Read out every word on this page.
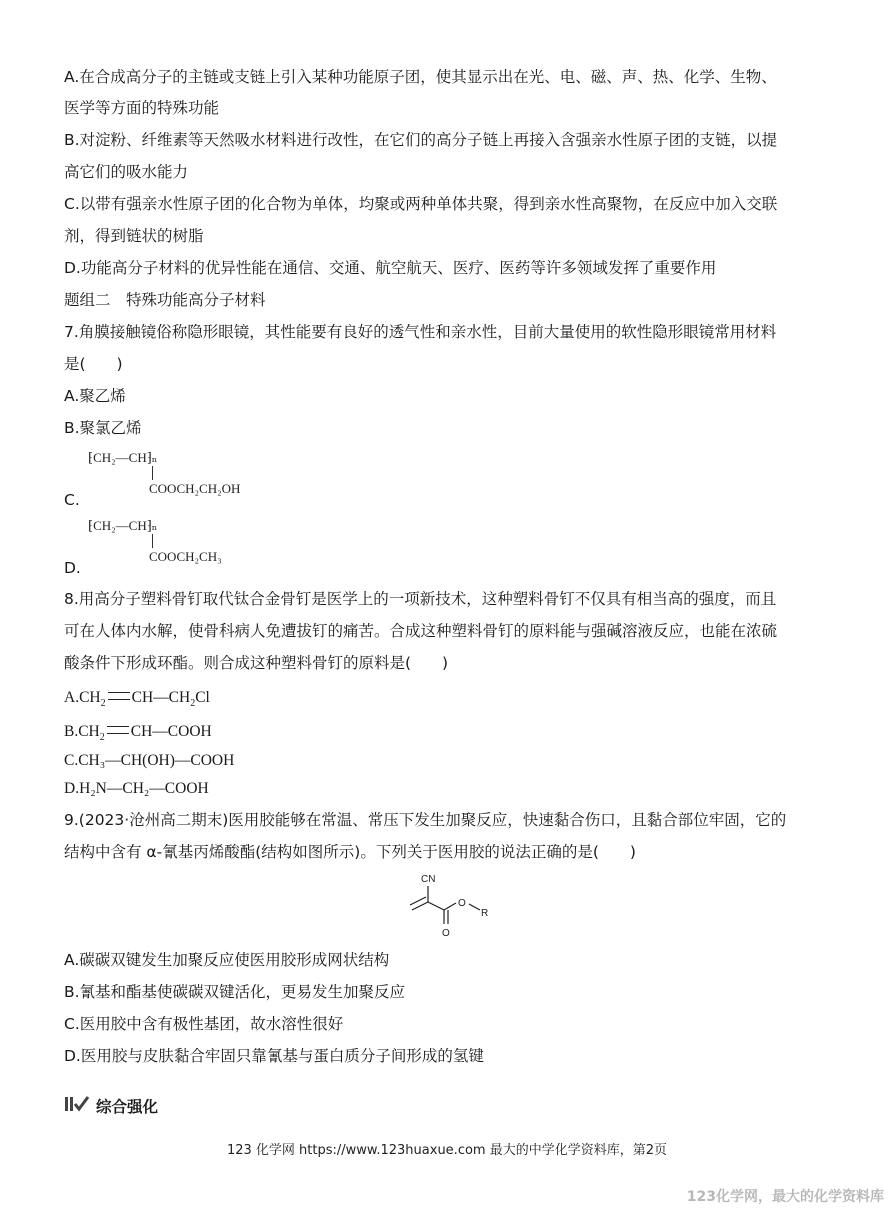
A.在合成高分子的主链或支链上引入某种功能原子团，使其显示出在光、电、磁、声、热、化学、生物、
医学等方面的特殊功能
B.对淀粉、纤维素等天然吸水材料进行改性，在它们的高分子链上再接入含强亲水性原子团的支链，以提
高它们的吸水能力
C.以带有强亲水性原子团的化合物为单体，均聚或两种单体共聚，得到亲水性高聚物，在反应中加入交联
剂，得到链状的树脂
D.功能高分子材料的优异性能在通信、交通、航空航天、医疗、医药等许多领域发挥了重要作用
题组二　特殊功能高分子材料
7.角膜接触镜俗称隐形眼镜，其性能要有良好的透气性和亲水性，目前大量使用的软性隐形眼镜常用材料
是(　　)
A.聚乙烯
B.聚氯乙烯
⁅CH₂—CH⁆ₙ
COOCH₂CH₂OH
C.
⁅CH₂—CH⁆ₙ
COOCH₂CH₃
D.
8.用高分子塑料骨钉取代钛合金骨钉是医学上的一项新技术，这种塑料骨钉不仅具有相当高的强度，而且
可在人体内水解，使骨科病人免遭拔钉的痛苦。合成这种塑料骨钉的原料能与强碱溶液反应，也能在浓硫
酸条件下形成环酯。则合成这种塑料骨钉的原料是(　　)
$A.CH_2$ $CH—CH_2Cl$
$B.CH_2$ CH—COOH
C.CH₃—CH(OH)—COOH
D.H₂N—CH₂—COOH
9.(2023·沧州高二期末)医用胶能够在常温、常压下发生加聚反应，快速黏合伤口，且黏合部位牢固，它的
结构中含有 α-氰基丙烯酸酯(结构如图所示)。下列关于医用胶的说法正确的是(　　)
CN
O
O
R
A.碳碳双键发生加聚反应使医用胶形成网状结构
B.氰基和酯基使碳碳双键活化，更易发生加聚反应
C.医用胶中含有极性基团，故水溶性很好
D.医用胶与皮肤黏合牢固只靠氰基与蛋白质分子间形成的氢键
综合强化
123 化学网 https://www.123huaxue.com 最大的中学化学资料库，第2页
123化学网，最大的化学资料库
